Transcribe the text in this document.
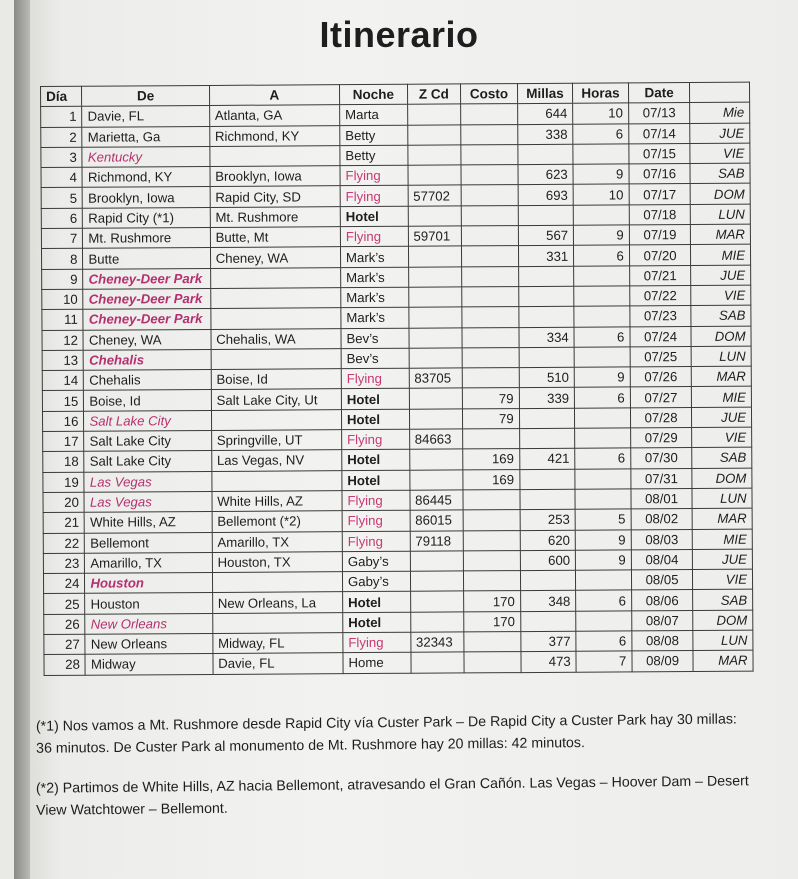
Itinerario
Día	De	A	Noche	Z Cd	Costo	Millas	Horas	Date	
1	Davie, FL	Atlanta, GA	Marta			644	10	07/13	Mie
2	Marietta, Ga	Richmond, KY	Betty			338	6	07/14	JUE
3	Kentucky		Betty					07/15	VIE
4	Richmond, KY	Brooklyn, Iowa	Flying			623	9	07/16	SAB
5	Brooklyn, Iowa	Rapid City, SD	Flying	57702		693	10	07/17	DOM
6	Rapid City (*1)	Mt. Rushmore	Hotel					07/18	LUN
7	Mt. Rushmore	Butte, Mt	Flying	59701		567	9	07/19	MAR
8	Butte	Cheney, WA	Mark’s			331	6	07/20	MIE
9	Cheney-Deer Park		Mark’s					07/21	JUE
10	Cheney-Deer Park		Mark’s					07/22	VIE
11	Cheney-Deer Park		Mark’s					07/23	SAB
12	Cheney, WA	Chehalis, WA	Bev’s			334	6	07/24	DOM
13	Chehalis		Bev’s					07/25	LUN
14	Chehalis	Boise, Id	Flying	83705		510	9	07/26	MAR
15	Boise, Id	Salt Lake City, Ut	Hotel		79	339	6	07/27	MIE
16	Salt Lake City		Hotel		79			07/28	JUE
17	Salt Lake City	Springville, UT	Flying	84663				07/29	VIE
18	Salt Lake City	Las Vegas, NV	Hotel		169	421	6	07/30	SAB
19	Las Vegas		Hotel		169			07/31	DOM
20	Las Vegas	White Hills, AZ	Flying	86445				08/01	LUN
21	White Hills, AZ	Bellemont (*2)	Flying	86015		253	5	08/02	MAR
22	Bellemont	Amarillo, TX	Flying	79118		620	9	08/03	MIE
23	Amarillo, TX	Houston, TX	Gaby’s			600	9	08/04	JUE
24	Houston		Gaby’s					08/05	VIE
25	Houston	New Orleans, La	Hotel		170	348	6	08/06	SAB
26	New Orleans		Hotel		170			08/07	DOM
27	New Orleans	Midway, FL	Flying	32343		377	6	08/08	LUN
28	Midway	Davie, FL	Home			473	7	08/09	MAR
(*1) Nos vamos a Mt. Rushmore desde Rapid City vía Custer Park – De Rapid City a Custer Park hay 30 millas: 36 minutos. De Custer Park al monumento de Mt. Rushmore hay 20 millas: 42 minutos.
(*2) Partimos de White Hills, AZ hacia Bellemont, atravesando el Gran Cañón. Las Vegas – Hoover Dam – Desert View Watchtower – Bellemont.
